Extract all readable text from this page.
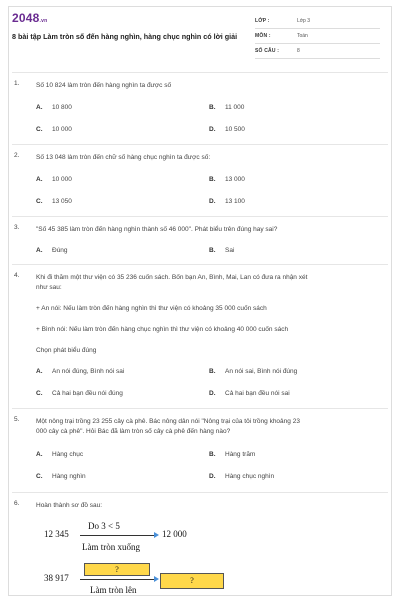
2048.vn
8 bài tập Làm tròn số đến hàng nghìn, hàng chục nghìn có lời giải
LỚP :	Lớp 3
MÔN :	Toán
SỐ CÂU :	8
1.	Số 10 824 làm tròn đến hàng nghìn ta được số
A. 10 800	B. 11 000
C. 10 000	D. 10 500
2.	Số 13 048 làm tròn đến chữ số hàng chục nghìn ta được số:
A. 10 000	B. 13 000
C. 13 050	D. 13 100
3.	"Số 45 385 làm tròn đến hàng nghìn thành số 46 000". Phát biểu trên đúng hay sai?
A. Đúng	B. Sai
4.	Khi đi thăm một thư viện có 35 236 cuốn sách. Bốn bạn An, Bình, Mai, Lan có đưa ra nhận xét
như sau:
+ An nói: Nếu làm tròn đến hàng nghìn thì thư viện có khoảng 35 000 cuốn sách
+ Bình nói: Nếu làm tròn đến hàng chục nghìn thì thư viện có khoảng 40 000 cuốn sách
Chọn phát biểu đúng
A. An nói đúng, Bình nói sai	B. An nói sai, Bình nói đúng
C. Cả hai bạn đều nói đúng	D. Cả hai bạn đều nói sai
5.	Một nông trại trồng 23 255 cây cà phê. Bác nông dân nói "Nông trại của tôi trồng khoảng 23
000 cây cà phê". Hỏi Bác đã làm tròn số cây cà phê đến hàng nào?
A. Hàng chục	B. Hàng trăm
C. Hàng nghìn	D. Hàng chục nghìn
6.	Hoàn thành sơ đồ sau:
12 345
Do 3 < 5
12 000
Làm tròn xuống
38 917
?
?
Làm tròn lên
